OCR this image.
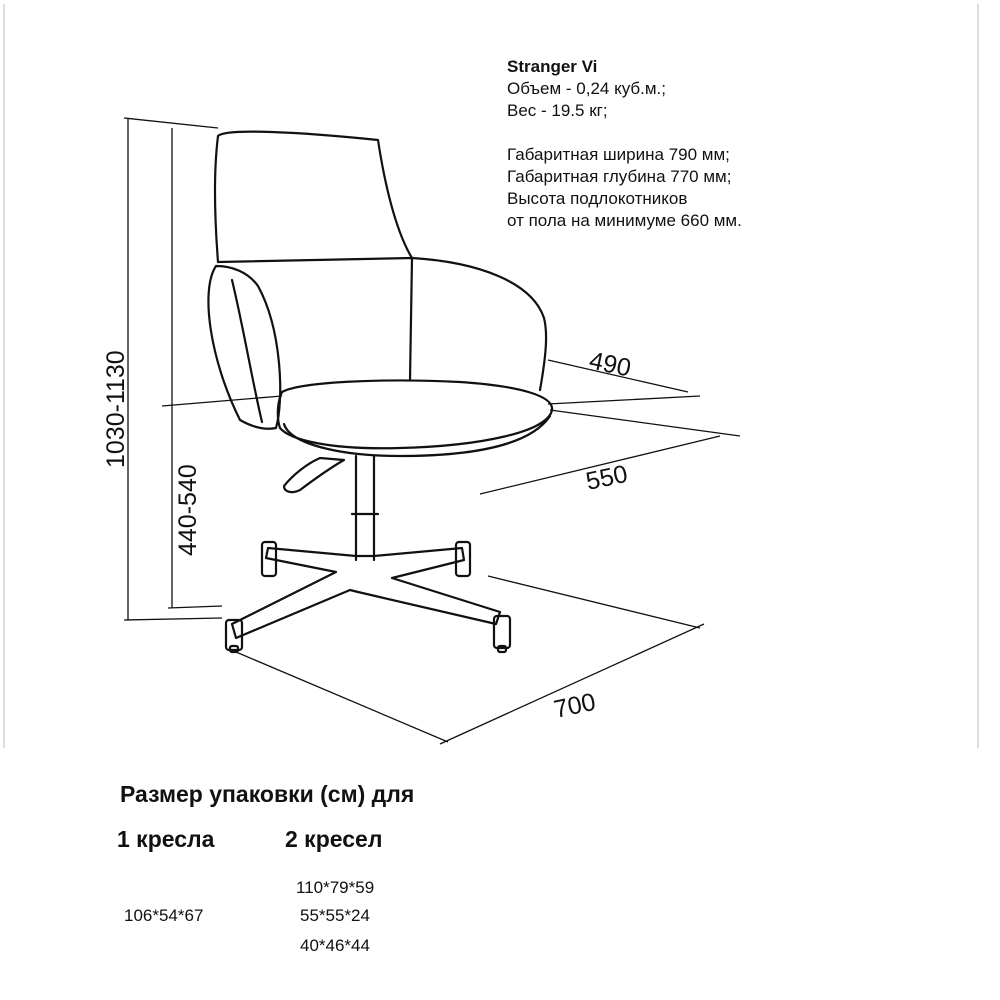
1030-1130
440-540
490
550
700
Stranger Vi
Объем - 0,24 куб.м.;
Вес - 19.5 кг;
Габаритная ширина 790 мм;
Габаритная глубина 770 мм;
Высота подлокотников
от пола на минимуме 660 мм.
Размер упаковки (см) для
1 кресла	2 кресел
106*54*67
110*79*59
55*55*24
40*46*44
